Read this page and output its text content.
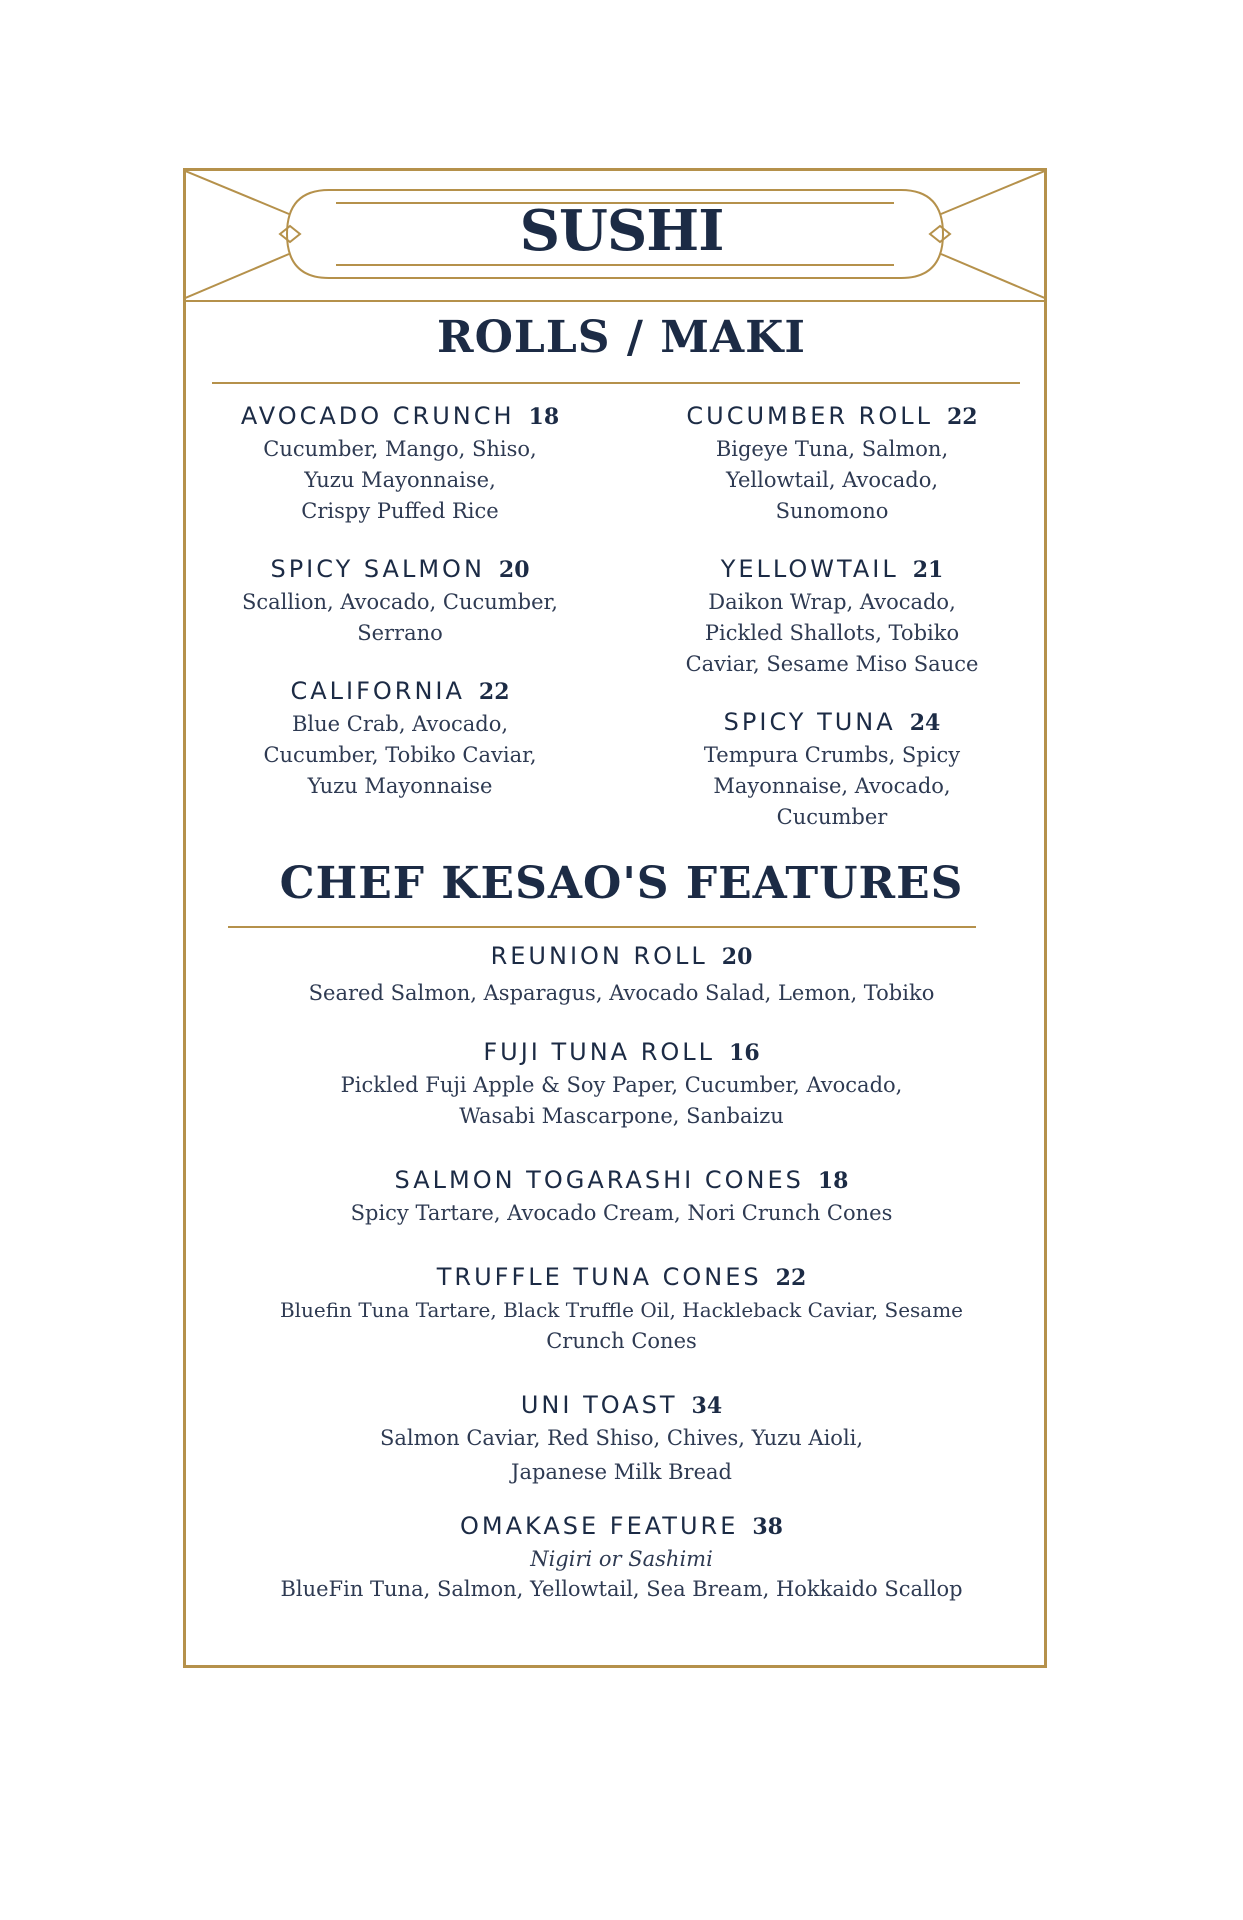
SUSHI
ROLLS / MAKI
AVOCADO CRUNCH 18
Cucumber, Mango, Shiso,
Yuzu Mayonnaise,
Crispy Puffed Rice
SPICY SALMON 20
Scallion, Avocado, Cucumber,
Serrano
CALIFORNIA 22
Blue Crab, Avocado,
Cucumber, Tobiko Caviar,
Yuzu Mayonnaise
CUCUMBER ROLL 22
Bigeye Tuna, Salmon,
Yellowtail, Avocado,
Sunomono
YELLOWTAIL 21
Daikon Wrap, Avocado,
Pickled Shallots, Tobiko
Caviar, Sesame Miso Sauce
SPICY TUNA 24
Tempura Crumbs, Spicy
Mayonnaise, Avocado,
Cucumber
CHEF KESAO'S FEATURES
REUNION ROLL 20
Seared Salmon, Asparagus, Avocado Salad, Lemon, Tobiko
FUJI TUNA ROLL 16
Pickled Fuji Apple & Soy Paper, Cucumber, Avocado,
Wasabi Mascarpone, Sanbaizu
SALMON TOGARASHI CONES 18
Spicy Tartare, Avocado Cream, Nori Crunch Cones
TRUFFLE TUNA CONES 22
Bluefin Tuna Tartare, Black Truffle Oil, Hackleback Caviar, Sesame
Crunch Cones
UNI TOAST 34
Salmon Caviar, Red Shiso, Chives, Yuzu Aioli,
Japanese Milk Bread
OMAKASE FEATURE 38
Nigiri or Sashimi
BlueFin Tuna, Salmon, Yellowtail, Sea Bream, Hokkaido Scallop
